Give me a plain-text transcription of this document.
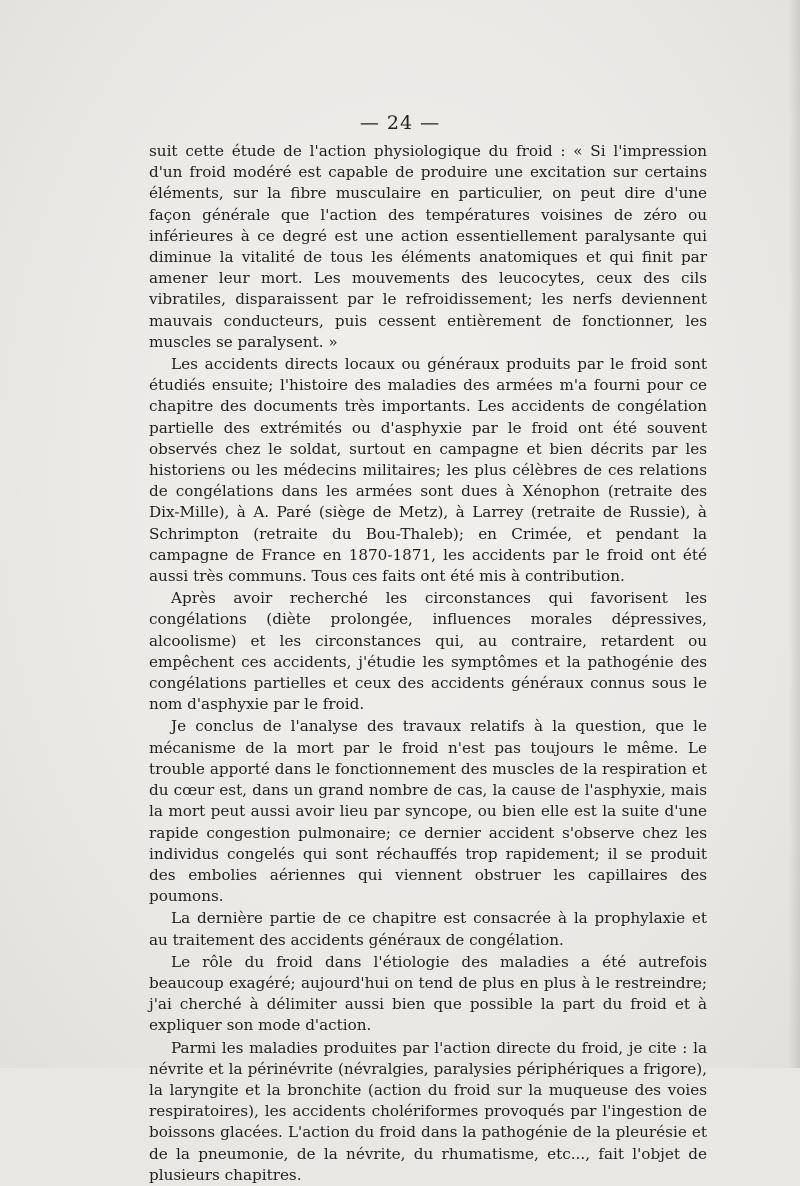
— 24 —

suit cette étude de l'action physiologique du froid : « Si l'impression d'un froid modéré est capable de produire une excitation sur certains éléments, sur la fibre musculaire en particulier, on peut dire d'une façon générale que l'action des températures voisines de zéro ou inférieures à ce degré est une action essentiellement paralysante qui diminue la vitalité de tous les éléments anatomiques et qui finit par amener leur mort. Les mouvements des leucocytes, ceux des cils vibratiles, disparaissent par le refroidissement; les nerfs deviennent mauvais conducteurs, puis cessent entièrement de fonctionner, les muscles se paralysent. »

Les accidents directs locaux ou généraux produits par le froid sont étudiés ensuite; l'histoire des maladies des armées m'a fourni pour ce chapitre des documents très importants. Les accidents de congélation partielle des extrémités ou d'asphyxie par le froid ont été souvent observés chez le soldat, surtout en campagne et bien décrits par les historiens ou les médecins militaires; les plus célèbres de ces relations de congélations dans les armées sont dues à Xénophon (retraite des Dix-Mille), à A. Paré (siège de Metz), à Larrey (retraite de Russie), à Schrimpton (retraite du Bou-Thaleb); en Crimée, et pendant la campagne de France en 1870-1871, les accidents par le froid ont été aussi très communs. Tous ces faits ont été mis à contribution.

Après avoir recherché les circonstances qui favorisent les congélations (diète prolongée, influences morales dépressives, alcoolisme) et les circonstances qui, au contraire, retardent ou empêchent ces accidents, j'étudie les symptômes et la pathogénie des congélations partielles et ceux des accidents généraux connus sous le nom d'asphyxie par le froid.

Je conclus de l'analyse des travaux relatifs à la question, que le mécanisme de la mort par le froid n'est pas toujours le même. Le trouble apporté dans le fonctionnement des muscles de la respiration et du cœur est, dans un grand nombre de cas, la cause de l'asphyxie, mais la mort peut aussi avoir lieu par syncope, ou bien elle est la suite d'une rapide congestion pulmonaire; ce dernier accident s'observe chez les individus congelés qui sont réchauffés trop rapidement; il se produit des embolies aériennes qui viennent obstruer les capillaires des poumons.

La dernière partie de ce chapitre est consacrée à la prophylaxie et au traitement des accidents généraux de congélation.

Le rôle du froid dans l'étiologie des maladies a été autrefois beaucoup exagéré; aujourd'hui on tend de plus en plus à le restreindre; j'ai cherché à délimiter aussi bien que possible la part du froid et à expliquer son mode d'action.

Parmi les maladies produites par l'action directe du froid, je cite : la névrite et la périnévrite (névralgies, paralysies périphériques a frigore), la laryngite et la bronchite (action du froid sur la muqueuse des voies respiratoires), les accidents cholériformes provoqués par l'ingestion de boissons glacées. L'action du froid dans la pathogénie de la pleurésie et de la pneumonie, de la névrite, du rhumatisme, etc..., fait l'objet de plusieurs chapitres.
